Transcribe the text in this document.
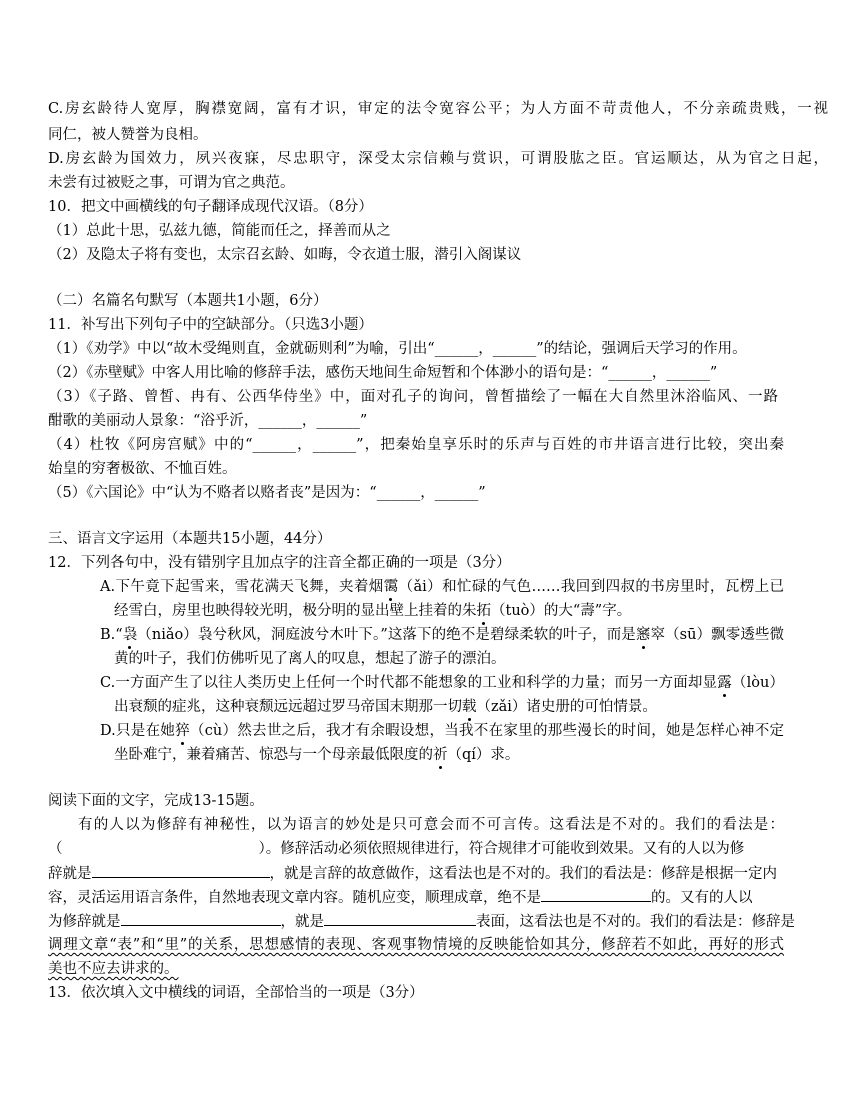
C.房玄龄待人宽厚，胸襟宽阔，富有才识，审定的法令宽容公平；为人方面不苛责他人，不分亲疏贵贱，一视
同仁，被人赞誉为良相。
D.房玄龄为国效力，夙兴夜寐，尽忠职守，深受太宗信赖与赏识，可谓股肱之臣。官运顺达，从为官之日起，
未尝有过被贬之事，可谓为官之典范。
10．把文中画横线的句子翻译成现代汉语。（8分）
（1）总此十思，弘兹九德，简能而任之，择善而从之
（2）及隐太子将有变也，太宗召玄龄、如晦，令衣道士服，潜引入阁谋议
（二）名篇名句默写（本题共1小题，6分）
11．补写出下列句子中的空缺部分。（只选3小题）
（1）《劝学》中以“故木受绳则直，金就砺则利”为喻，引出“______，______”的结论，强调后天学习的作用。
（2）《赤壁赋》中客人用比喻的修辞手法，感伤天地间生命短暂和个体渺小的语句是：“______，______”
（3）《子路、曾皙、冉有、公西华侍坐》中，面对孔子的询问，曾皙描绘了一幅在大自然里沐浴临风、一路
酣歌的美丽动人景象：“浴乎沂，______，______”
（4）杜牧《阿房宫赋》中的“______，______”，把秦始皇享乐时的乐声与百姓的市井语言进行比较，突出秦
始皇的穷奢极欲、不恤百姓。
（5）《六国论》中“认为不赂者以赂者丧”是因为：“______，______”
三、语言文字运用（本题共15小题，44分）
12．下列各句中，没有错别字且加点字的注音全都正确的一项是（3分）
A.下午竟下起雪来，雪花满天飞舞，夹着烟霭（ǎi）和忙碌的气色……我回到四叔的书房里时，瓦楞上已
经雪白，房里也映得较光明，极分明的显出壁上挂着的朱拓（tuò）的大“壽”字。
B.“袅（niǎo）袅兮秋风，洞庭波兮木叶下。”这落下的绝不是碧绿柔软的叶子，而是窸窣（sū）飘零透些微
黄的叶子，我们仿佛听见了离人的叹息，想起了游子的漂泊。
C.一方面产生了以往人类历史上任何一个时代都不能想象的工业和科学的力量；而另一方面却显露（lòu）
出衰颓的症兆，这种衰颓远远超过罗马帝国末期那一切载（zǎi）诸史册的可怕情景。
D.只是在她猝（cù）然去世之后，我才有余暇设想，当我不在家里的那些漫长的时间，她是怎样心神不定
坐卧难宁，兼着痛苦、惊恐与一个母亲最低限度的祈（qí）求。
阅读下面的文字，完成13-15题。
有的人以为修辞有神秘性，以为语言的妙处是只可意会而不可言传。这看法是不对的。我们的看法是：
（	）。修辞活动必须依照规律进行，符合规律才可能收到效果。又有的人以为修
辞就是	，就是言辞的故意做作，这看法也是不对的。我们的看法是：修辞是根据一定内
容，灵活运用语言条件，自然地表现文章内容。随机应变，顺理成章，绝不是	的。又有的人以
为修辞就是	，就是	表面，这看法也是不对的。我们的看法是：修辞是
调理文章“表”和“里”的关系，思想感情的表现、客观事物情境的反映能恰如其分，修辞若不如此，再好的形式
美也不应去讲求的。
13．依次填入文中横线的词语，全部恰当的一项是（3分）
